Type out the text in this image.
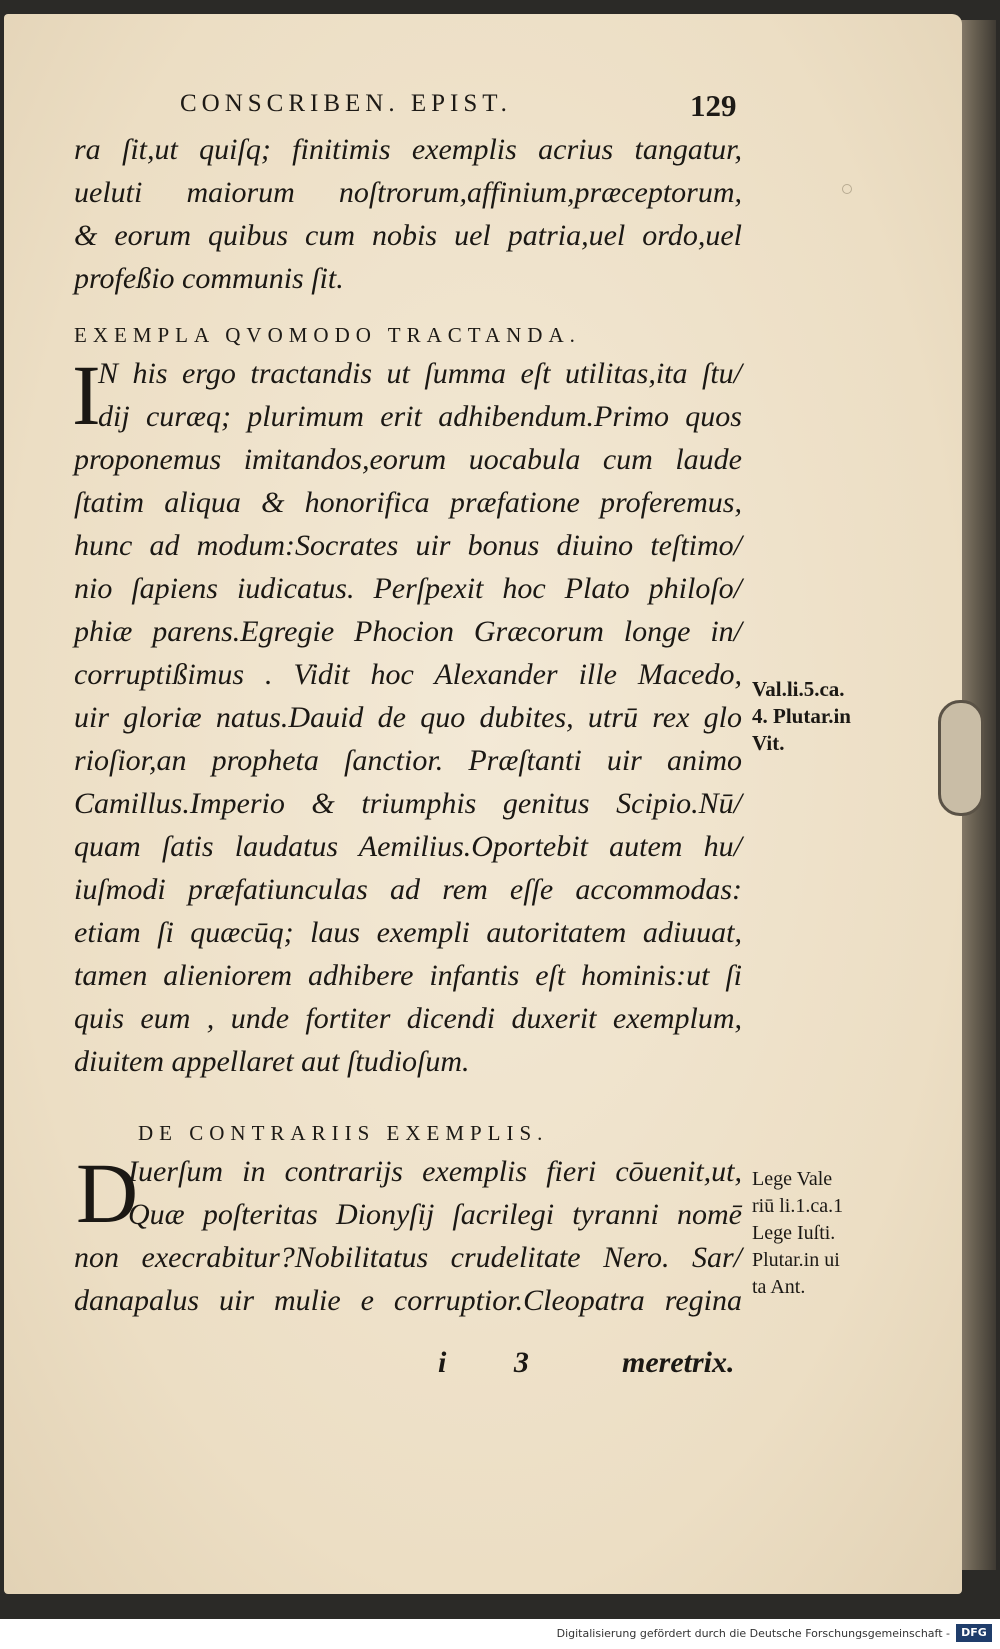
CONSCRIBEN. EPIST.	129
ra ſit,ut quiſq; finitimis exemplis acrius tangatur,
ueluti maiorum noſtrorum,affinium,præceptorum,
& eorum quibus cum nobis uel patria,uel ordo,uel
profeßio communis ſit.
EXEMPLA QVOMODO TRACTANDA.
I
N his ergo tractandis ut ſumma eſt utilitas,ita ſtu/
dij curæq; plurimum erit adhibendum.Primo quos
proponemus imitandos,eorum uocabula cum laude
ſtatim aliqua & honorifica præfatione proferemus,
hunc ad modum:Socrates uir bonus diuino teſtimo/
nio ſapiens iudicatus. Perſpexit hoc Plato philoſo/
phiæ parens.Egregie Phocion Græcorum longe in/
corruptißimus . Vidit hoc Alexander ille Macedo,
uir gloriæ natus.Dauid de quo dubites, utrū rex glo
rioſior,an propheta ſanctior. Præſtanti uir animo
Camillus.Imperio & triumphis genitus Scipio.Nū/
quam ſatis laudatus Aemilius.Oportebit autem hu/
iuſmodi præfatiunculas ad rem eſſe accommodas:
etiam ſi quæcūq; laus exempli autoritatem adiuuat,
tamen alieniorem adhibere infantis eſt hominis:ut ſi
quis eum , unde fortiter dicendi duxerit exemplum,
diuitem appellaret aut ſtudioſum.
Val.li.5.ca.
4. Plutar.in
Vit.
DE CONTRARIIS EXEMPLIS.
D
Iuerſum in contrarijs exemplis fieri cōuenit,ut,
Quæ poſteritas Dionyſij ſacrilegi tyranni nomē
non execrabitur?Nobilitatus crudelitate Nero. Sar/
danapalus uir mulie e corruptior.Cleopatra regina
Lege Vale
riū li.1.ca.1
Lege Iuſti.
Plutar.in ui
ta Ant.
i 3 meretrix.
Digitalisierung gefördert durch die Deutsche Forschungsgemeinschaft -	DFG
